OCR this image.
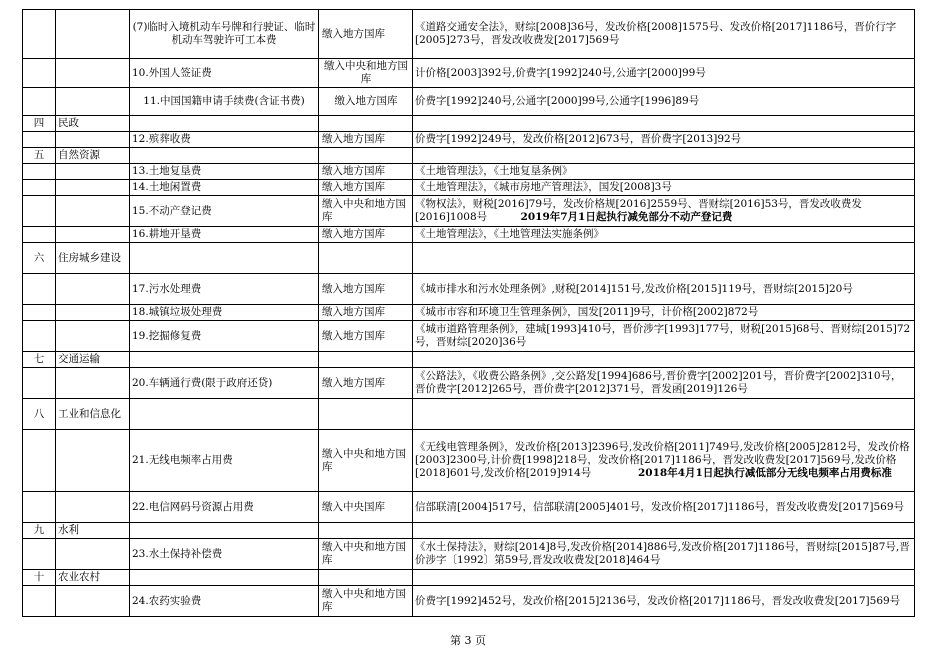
		(7)临时入境机动车号牌和行驶证、临时机动车驾驶许可工本费	缴入地方国库	《道路交通安全法》，财综[2008]36号，发改价格[2008]1575号、发改价格[2017]1186号，晋价行字[2005]273号，晋发改收费发[2017]569号
		10.外国人签证费	缴入中央和地方国库	计价格[2003]392号,价费字[1992]240号,公通字[2000]99号
		11.中国国籍申请手续费(含证书费)	缴入地方国库	价费字[1992]240号,公通字[2000]99号,公通字[1996]89号
四	民政			
		12.殡葬收费	缴入地方国库	价费字[1992]249号，发改价格[2012]673号，晋价费字[2013]92号
五	自然资源			
		13.土地复垦费	缴入地方国库	《土地管理法》，《土地复垦条例》
		14.土地闲置费	缴入地方国库	《土地管理法》，《城市房地产管理法》，国发[2008]3号
		15.不动产登记费	缴入中央和地方国库	《物权法》，财税[2016]79号，发改价格规[2016]2559号、晋财综[2016]53号，晋发改收费发[2016]1008号 2019年7月1日起执行减免部分不动产登记费
		16.耕地开垦费	缴入地方国库	《土地管理法》，《土地管理法实施条例》
六	住房城乡建设			
		17.污水处理费	缴入地方国库	《城市排水和污水处理条例》,财税[2014]151号,发改价格[2015]119号，晋财综[2015]20号
		18.城镇垃圾处理费	缴入地方国库	《城市市容和环境卫生管理条例》，国发[2011]9号，计价格[2002]872号
		19.挖掘修复费	缴入地方国库	《城市道路管理条例》，建城[1993]410号，晋价涉字[1993]177号，财税[2015]68号、晋财综[2015]72号，晋财综[2020]36号
七	交通运输			
		20.车辆通行费(限于政府还贷)	缴入地方国库	《公路法》，《收费公路条例》,交公路发[1994]686号,晋价费字[2002]201号，晋价费字[2002]310号，晋价费字[2012]265号，晋价费字[2012]371号，晋发函[2019]126号
八	工业和信息化			
		21.无线电频率占用费	缴入中央和地方国库	《无线电管理条例》，发改价格[2013]2396号,发改价格[2011]749号,发改价格[2005]2812号，发改价格[2003]2300号,计价费[1998]218号，发改价格[2017]1186号，晋发改收费发[2017]569号,发改价格[2018]601号,发改价格[2019]914号 2018年4月1日起执行减低部分无线电频率占用费标准
		22.电信网码号资源占用费	缴入中央国库	信部联清[2004]517号，信部联清[2005]401号，发改价格[2017]1186号，晋发改收费发[2017]569号
九	水利			
		23.水土保持补偿费	缴入中央和地方国库	《水土保持法》，财综[2014]8号,发改价格[2014]886号,发改价格[2017]1186号，晋财综[2015]87号,晋价涉字〔1992〕第59号,晋发改收费发[2018]464号
十	农业农村			
		24.农药实验费	缴入中央和地方国库	价费字[1992]452号，发改价格[2015]2136号，发改价格[2017]1186号，晋发改收费发[2017]569号
第 3 页
